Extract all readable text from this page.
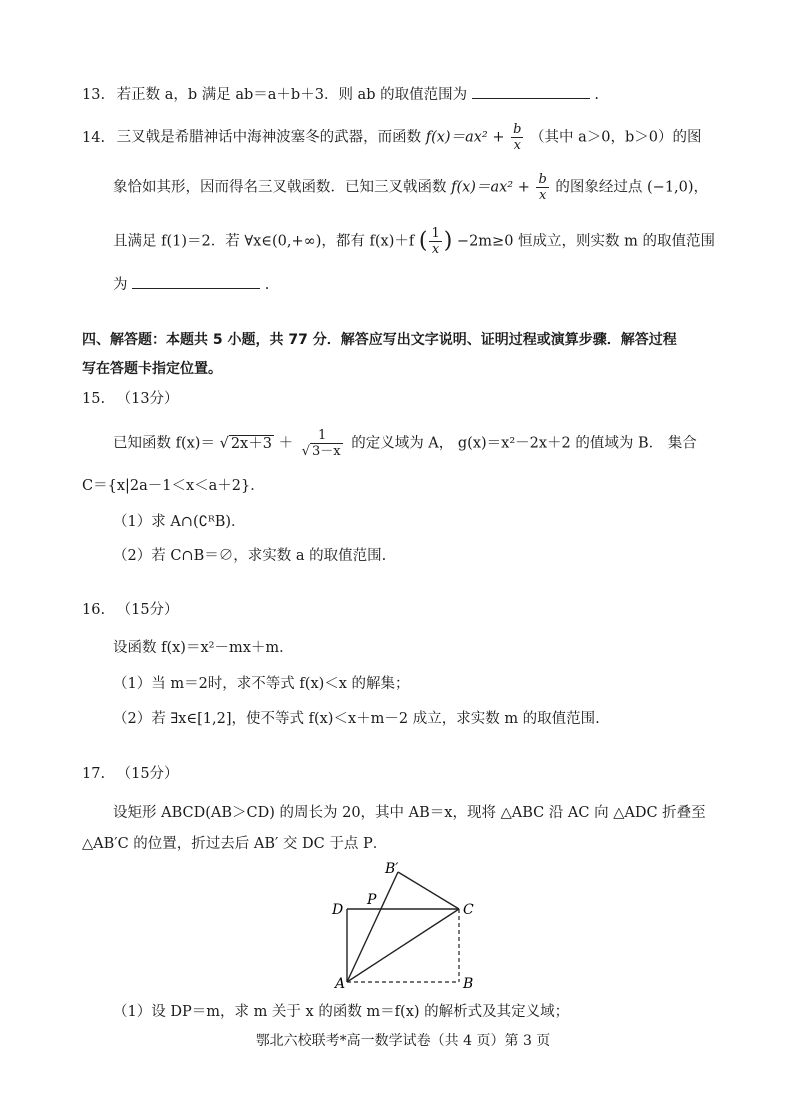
13. 若正数 a，b 满足 ab＝a＋b＋3．则 ab 的取值范围为	.
14. 三叉戟是希腊神话中海神波塞冬的武器，而函数 $f(x)=ax^2 + \frac{b}{x}$ （其中 a＞0，b＞0）的图
象恰如其形，因而得名三叉戟函数．已知三叉戟函数 $f(x)=ax^2 + \frac{b}{x}$ 的图象经过点 (−1,0)，
且满足 f(1)＝2．若 ∀x∈(0,+∞)，都有 f(x)＋f ( $\frac{1}{x}$ ) −2m≥0 恒成立，则实数 m 的取值范围
为	.
四、解答题：本题共 5 小题，共 77 分．解答应写出文字说明、证明过程或演算步骤．解答过程
写在答题卡指定位置。
15. （13分）
已知函数 f(x)＝ √ $2x+3 + \frac{1}{√ 3-x}$ 的定义域为 A， g(x)＝x²－2x＋2 的值域为 B． 集合
C＝{x|2a－1＜x＜a＋2}．
（1）求 A∩(∁ᴿB)．
（2）若 C∩B＝∅，求实数 a 的取值范围.
16. （15分）
设函数 f(x)＝x²－mx＋m．
（1）当 m＝2时，求不等式 f(x)＜x 的解集；
（2）若 ∃x∈[1,2]，使不等式 f(x)＜x＋m－2 成立，求实数 m 的取值范围.
17. （15分）
设矩形 ABCD(AB＞CD) 的周长为 20，其中 AB＝x，现将 △ABC 沿 AC 向 △ADC 折叠至
△AB′C 的位置，折过去后 AB′ 交 DC 于点 P．
D
P
B′
C
A	B
（1）设 DP＝m，求 m 关于 x 的函数 m＝f(x) 的解析式及其定义域；
鄂北六校联考*高一数学试卷（共 4 页）第 3 页
